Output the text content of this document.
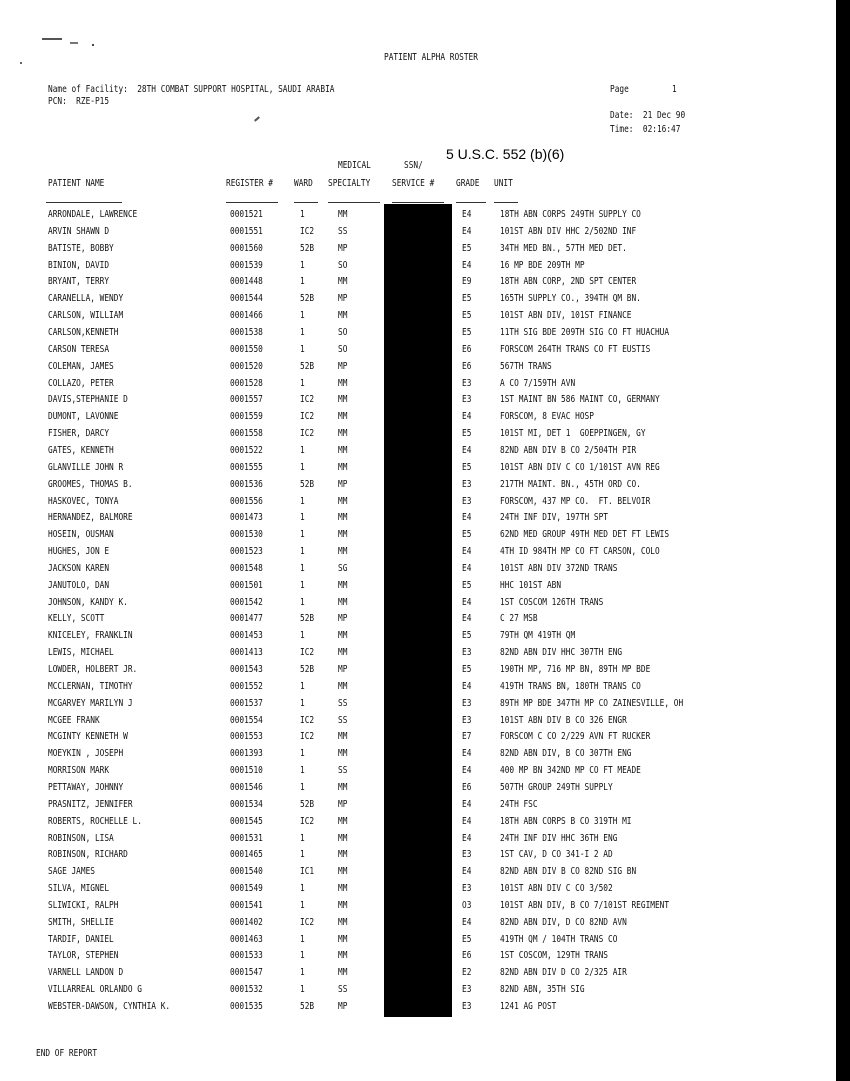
PATIENT ALPHA ROSTER
Name of Facility:  28TH COMBAT SUPPORT HOSPITAL, SAUDI ARABIA
PCN:  RZE-P15
Page	1
Date:  21 Dec 90
Time:  02:16:47
5 U.S.C. 552 (b)(6)
MEDICAL	SSN/
PATIENT NAME	REGISTER # WARD SPECIALTY SERVICE # GRADE UNIT
ARRONDALE, LAWRENCE	0001521	1	MM	E4	18TH ABN CORPS 249TH SUPPLY CO
ARVIN SHAWN D	0001551	IC2 SS	E4	101ST ABN DIV HHC 2/502ND INF
BATISTE, BOBBY	0001560	52B MP	E5	34TH MED BN., 57TH MED DET.
BINION, DAVID	0001539	1	SO	E4	16 MP BDE 209TH MP
BRYANT, TERRY	0001448	1	MM	E9	18TH ABN CORP, 2ND SPT CENTER
CARANELLA, WENDY	0001544	52B MP	E5	165TH SUPPLY CO., 394TH QM BN.
CARLSON, WILLIAM	0001466	1	MM	E5	101ST ABN DIV, 101ST FINANCE
CARLSON,KENNETH	0001538	1	SO	E5	11TH SIG BDE 209TH SIG CO FT HUACHUA
CARSON TERESA	0001550	1	SO	E6	FORSCOM 264TH TRANS CO FT EUSTIS
COLEMAN, JAMES	0001520	52B MP	E6	567TH TRANS
COLLAZO, PETER	0001528	1	MM	E3	A CO 7/159TH AVN
DAVIS,STEPHANIE D	0001557	IC2 MM	E3	1ST MAINT BN 586 MAINT CO, GERMANY
DUMONT, LAVONNE	0001559	IC2 MM	E4	FORSCOM, 8 EVAC HOSP
FISHER, DARCY	0001558	IC2 MM	E5	101ST MI, DET 1  GOEPPINGEN, GY
GATES, KENNETH	0001522	1	MM	E4	82ND ABN DIV B CO 2/504TH PIR
GLANVILLE JOHN R	0001555	1	MM	E5	101ST ABN DIV C CO 1/101ST AVN REG
GROOMES, THOMAS B.	0001536	52B MP	E3	217TH MAINT. BN., 45TH ORD CO.
HASKOVEC, TONYA	0001556	1	MM	E3	FORSCOM, 437 MP CO.  FT. BELVOIR
HERNANDEZ, BALMORE	0001473	1	MM	E4	24TH INF DIV, 197TH SPT
HOSEIN, OUSMAN	0001530	1	MM	E5	62ND MED GROUP 49TH MED DET FT LEWIS
HUGHES, JON E	0001523	1	MM	E4	4TH ID 984TH MP CO FT CARSON, COLO
JACKSON KAREN	0001548	1	SG	E4	101ST ABN DIV 372ND TRANS
JANUTOLO, DAN	0001501	1	MM	E5	HHC 101ST ABN
JOHNSON, KANDY K.	0001542	1	MM	E4	1ST COSCOM 126TH TRANS
KELLY, SCOTT	0001477	52B MP	E4	C 27 MSB
KNICELEY, FRANKLIN	0001453	1	MM	E5	79TH QM 419TH QM
LEWIS, MICHAEL	0001413	IC2 MM	E3	82ND ABN DIV HHC 307TH ENG
LOWDER, HOLBERT JR.	0001543	52B MP	E5	190TH MP, 716 MP BN, 89TH MP BDE
MCCLERNAN, TIMOTHY	0001552	1	MM	E4	419TH TRANS BN, 180TH TRANS CO
MCGARVEY MARILYN J	0001537	1	SS	E3	89TH MP BDE 347TH MP CO ZAINESVILLE, OH
MCGEE FRANK	0001554	IC2 SS	E3	101ST ABN DIV B CO 326 ENGR
MCGINTY KENNETH W	0001553	IC2 MM	E7	FORSCOM C CO 2/229 AVN FT RUCKER
MOEYKIN , JOSEPH	0001393	1	MM	E4	82ND ABN DIV, B CO 307TH ENG
MORRISON MARK	0001510	1	SS	E4	400 MP BN 342ND MP CO FT MEADE
PETTAWAY, JOHNNY	0001546	1	MM	E6	507TH GROUP 249TH SUPPLY
PRASNITZ, JENNIFER	0001534	52B MP	E4	24TH FSC
ROBERTS, ROCHELLE L.	0001545	IC2 MM	E4	18TH ABN CORPS B CO 319TH MI
ROBINSON, LISA	0001531	1	MM	E4	24TH INF DIV HHC 36TH ENG
ROBINSON, RICHARD	0001465	1	MM	E3	1ST CAV, D CO 341-I 2 AD
SAGE JAMES	0001540	IC1 MM	E4	82ND ABN DIV B CO 82ND SIG BN
SILVA, MIGNEL	0001549	1	MM	E3	101ST ABN DIV C CO 3/502
SLIWICKI, RALPH	0001541	1	MM	O3	101ST ABN DIV, B CO 7/101ST REGIMENT
SMITH, SHELLIE	0001402	IC2 MM	E4	82ND ABN DIV, D CO 82ND AVN
TARDIF, DANIEL	0001463	1	MM	E5	419TH QM / 104TH TRANS CO
TAYLOR, STEPHEN	0001533	1	MM	E6	1ST COSCOM, 129TH TRANS
VARNELL LANDON D	0001547	1	MM	E2	82ND ABN DIV D CO 2/325 AIR
VILLARREAL ORLANDO G	0001532	1	SS	E3	82ND ABN, 35TH SIG
WEBSTER-DAWSON, CYNTHIA K.	0001535	52B MP	E3	1241 AG POST
END OF REPORT
